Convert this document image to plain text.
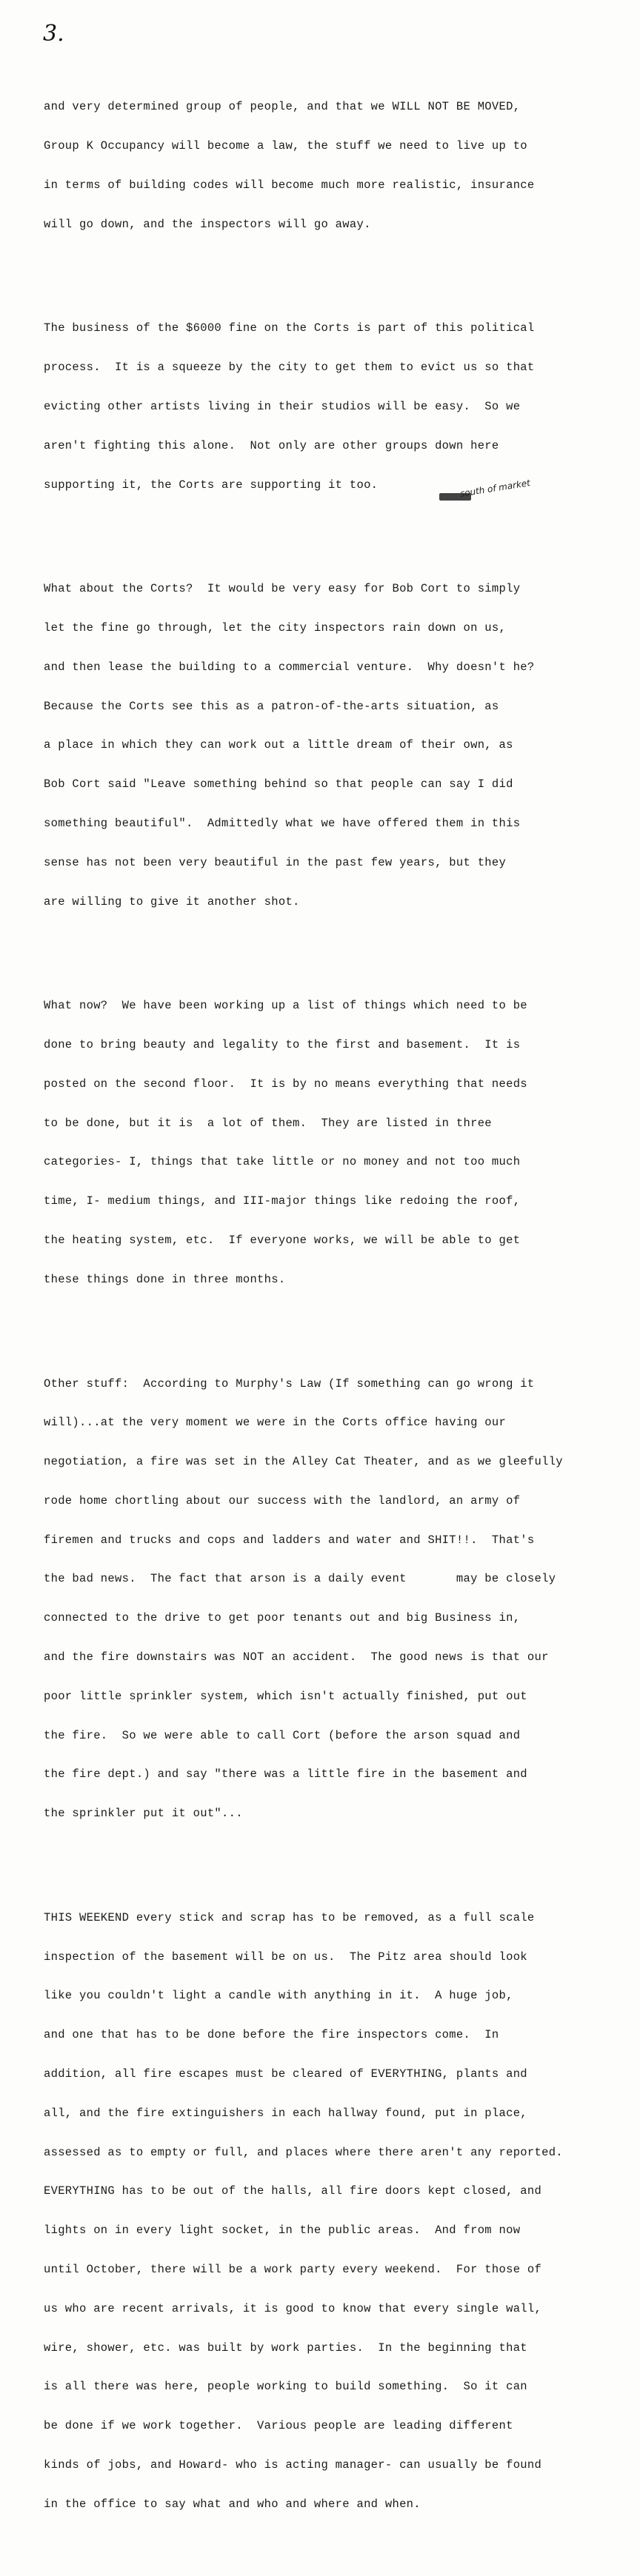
3.

and very determined group of people, and that we WILL NOT BE MOVED,

Group K Occupancy will become a law, the stuff we need to live up to

in terms of building codes will become much more realistic, insurance

will go down, and the inspectors will go away.

The business of the $6000 fine on the Corts is part of this political

process.  It is a squeeze by the city to get them to evict us so that

evicting other artists living in their studios will be easy.  So we

aren't fighting this alone.  Not only are other groups down here

supporting it, the Corts are supporting it too.

What about the Corts?  It would be very easy for Bob Cort to simply

let the fine go through, let the city inspectors rain down on us,

and then lease the building to a commercial venture.  Why doesn't he?

Because the Corts see this as a patron-of-the-arts situation, as

a place in which they can work out a little dream of their own, as

Bob Cort said "Leave something behind so that people can say I did

something beautiful".  Admittedly what we have offered them in this

sense has not been very beautiful in the past few years, but they

are willing to give it another shot.

What now?  We have been working up a list of things which need to be

done to bring beauty and legality to the first and basement.  It is

posted on the second floor.  It is by no means everything that needs

to be done, but it is  a lot of them.  They are listed in three

categories- I, things that take little or no money and not too much

time, I- medium things, and III-major things like redoing the roof,

the heating system, etc.  If everyone works, we will be able to get

these things done in three months.

Other stuff:  According to Murphy's Law (If something can go wrong it

will)...at the very moment we were in the Corts office having our

negotiation, a fire was set in the Alley Cat Theater, and as we gleefully

rode home chortling about our success with the landlord, an army of

firemen and trucks and cops and ladders and water and SHIT!!.  That's

the bad news.  The fact that arson is a daily event       may be closely

connected to the drive to get poor tenants out and big Business in,

and the fire downstairs was NOT an accident.  The good news is that our

poor little sprinkler system, which isn't actually finished, put out

the fire.  So we were able to call Cort (before the arson squad and

the fire dept.) and say "there was a little fire in the basement and

the sprinkler put it out"...

THIS WEEKEND every stick and scrap has to be removed, as a full scale

inspection of the basement will be on us.  The Pitz area should look

like you couldn't light a candle with anything in it.  A huge job,

and one that has to be done before the fire inspectors come.  In

addition, all fire escapes must be cleared of EVERYTHING, plants and

all, and the fire extinguishers in each hallway found, put in place,

assessed as to empty or full, and places where there aren't any reported.

EVERYTHING has to be out of the halls, all fire doors kept closed, and

lights on in every light socket, in the public areas.  And from now

until October, there will be a work party every weekend.  For those of

us who are recent arrivals, it is good to know that every single wall,

wire, shower, etc. was built by work parties.  In the beginning that

is all there was here, people working to build something.  So it can

be done if we work together.  Various people are leading different

kinds of jobs, and Howard- who is acting manager- can usually be found

in the office to say what and who and where and when.

south of market
